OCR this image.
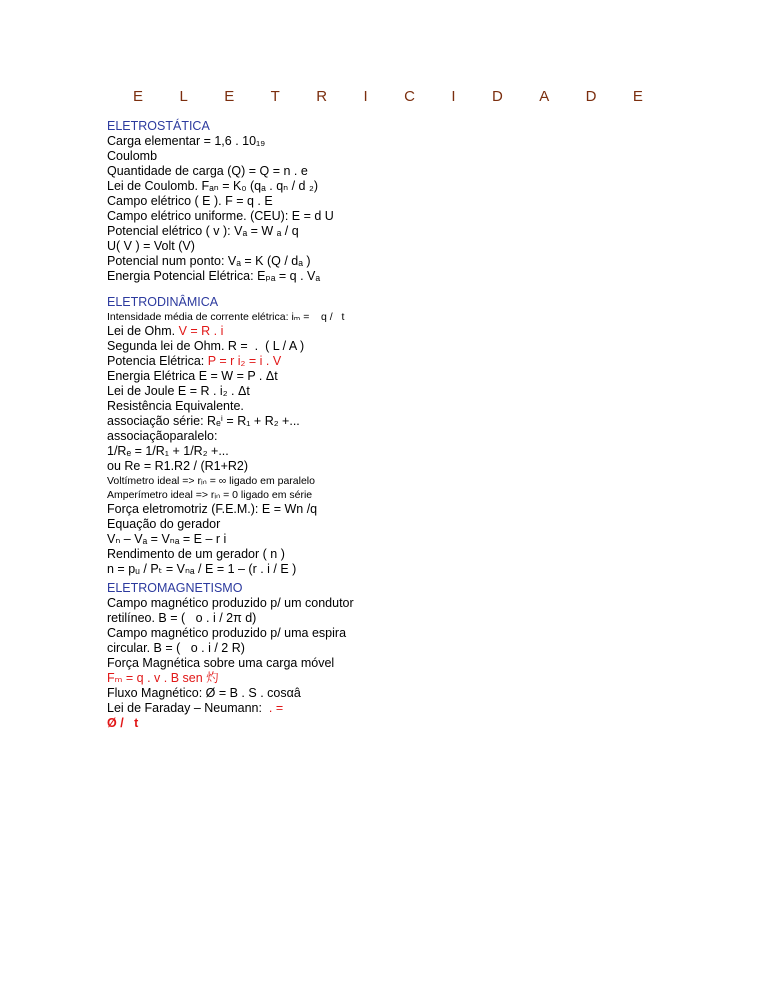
E L E T R I C I D A D E
ELETROSTÁTICA
Carga elementar = 1,6 . 10₁₉
Coulomb
Quantidade de carga (Q) = Q = n . e
Lei de Coulomb. Fₐₙ = K₀ (qₐ . qₙ / d ₂)
Campo elétrico ( E ). F = q . E
Campo elétrico uniforme. (CEU): E = d U
Potencial elétrico ( v ): Vₐ = W ₐ / q
U( V ) = Volt (V)
Potencial num ponto: Vₐ = K (Q / dₐ )
Energia Potencial Elétrica: Eₚₐ = q . Vₐ
ELETRODINÂMICA
Intensidade média de corrente elétrica: iₘ =    q /   t
Lei de Ohm. V = R . i
Segunda lei de Ohm. R =  .  ( L / A )
Potencia Elétrica: P = r i₂ = i . V
Energia Elétrica E = W = P . Δt
Lei de Joule E = R . i₂ . Δt
Resistência Equivalente.
associação série: Rₑⁱ = R₁ + R₂ +...
associaçãoparalelo:
1/Rₑ = 1/R₁ + 1/R₂ +...
ou Re = R1.R2 / (R1+R2)
Voltímetro ideal => rᵢₙ = ∞ ligado em paralelo
Amperímetro ideal => rᵢₙ = 0 ligado em série
Força eletromotriz (F.E.M.): E = Wn /q
Equação do gerador
Vₙ – Vₐ = Vₙₐ = E – r i
Rendimento de um gerador ( n )
n = pᵤ / Pₜ = Vₙₐ / E = 1 – (r . i / E )
ELETROMAGNETISMO
Campo magnético produzido p/ um condutor
retilíneo. B = (   o . i / 2π d)
Campo magnético produzido p/ uma espira
circular. B = (   o . i / 2 R)
Força Magnética sobre uma carga móvel
Fₘ = q . v . B sen 灼
Fluxo Magnético: Ø = B . S . cosαâ
Lei de Faraday – Neumann:  . =
Ø /   t
